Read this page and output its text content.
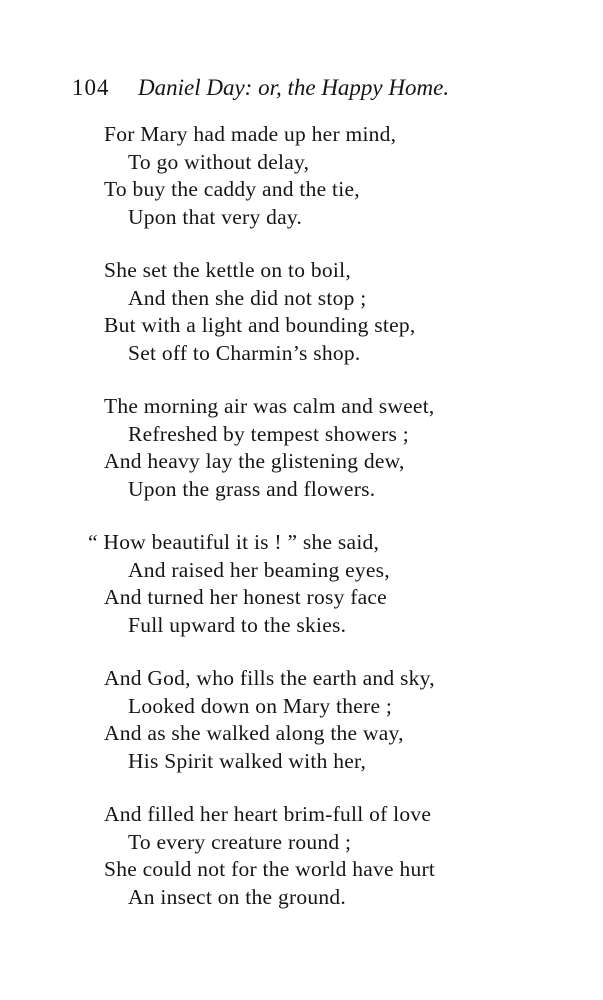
104 Daniel Day: or, the Happy Home.
For Mary had made up her mind,
To go without delay,
To buy the caddy and the tie,
Upon that very day.
She set the kettle on to boil,
And then she did not stop ;
But with a light and bounding step,
Set off to Charmin’s shop.
The morning air was calm and sweet,
Refreshed by tempest showers ;
And heavy lay the glistening dew,
Upon the grass and flowers.
“ How beautiful it is ! ” she said,
And raised her beaming eyes,
And turned her honest rosy face
Full upward to the skies.
And God, who fills the earth and sky,
Looked down on Mary there ;
And as she walked along the way,
His Spirit walked with her,
And filled her heart brim-full of love
To every creature round ;
She could not for the world have hurt
An insect on the ground.
